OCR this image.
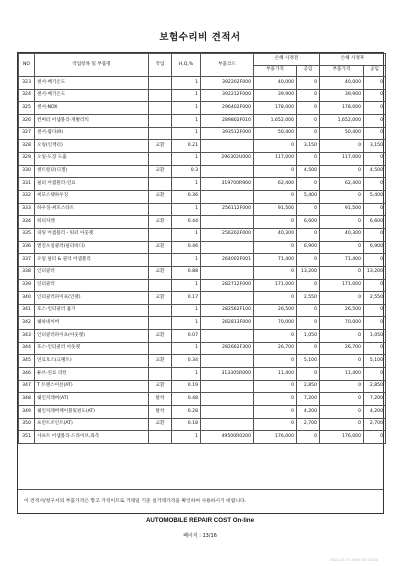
보험수리비 견적서
NO	작업항목 및 부품명	작업	H,Q,%	부품코드	손해 사정전		손해 사정후	
					부품가격	공임	부품가격	공임
323	센서-배기온도		1	392202F000	40,000	0	40,000	0
324	센서-배기온도		1	392212F000	39,900	0	39,900	0
325	센서-NOX		1	296402F000	178,000	0	178,000	0
326	컨버터 어셈블리-게발러틱		1	289802F010	1,652,000	0	1,652,000	0
327	센서-람다(R)		1	393512F000	50,400	0	50,400	0
328	오링(인젝터)	교환	0.21		0	3,150	0	3,150
329	오일-도장 도출		1	296302U000	117,000	0	117,000	0
330	센트럴터(디젤)	교환	0.3		0	4,500	0	4,500
331	필터 어셈블리-연료		1	319700R900	62,400	0	62,400	0
332	써모스탯하우징	교환	0.36		0	5,400	0	5,400
333	하우징-써모스타트		1	256112F000	91,500	0	91,500	0
334	워터자켓	교환	0.44		0	6,600	0	6,600
335	피팅 어셈블리 - 워터 아웃렛		1	256202F000	40,300	0	40,300	0
336	엔진오일쿨러(필터바디)	교환	0.46		0	6,900	0	6,900
337	오일 필터 & 쿨러 어셈블리		1	264002F001	71,400	0	71,400	0
338	인터쿨러	교환	0.88		0	13,200	0	13,200
339	인터쿨러		1	282712F000	171,000	0	171,000	0
340	인터쿨러파이프(인렛)	교환	0.17		0	2,550	0	2,550
341	호스-인터쿨러 흡기		1	282562F100	26,500	0	26,500	0
342	쉐하네이버		1	282813F000	70,000	0	70,000	0
343	인터쿨러파이프(아웃렛)	교환	0.07		0	1,050	0	1,050
344	호스-인터쿨러 아웃렛		1	282662F300	26,700	0	26,700	0
345	연료호스(크랭트)	교환	0.34		0	5,100	0	5,100
346	튜브-연료 리턴		1	313305R000	11,400	0	11,400	0
347	T 트랜스미션(AT)	교환	0.19		0	2,850	0	2,850
348	쉐인지레버(AT)	탈착	0.48		0	7,200	0	7,200
349	쉐인지레버케이블및핀도(AT)	탈착	0.28		0	4,200	0	4,200
350	프런트조인트(AT)	교환	0.18		0	2,700	0	2,700
351	샤프트 어셈블리-드라이브,좌측		1	49500R0200	176,000	0	176,000	0
이 견적서/청구서의 부품가격은 향고 가격이므로 거래일 기준 실거래가격을 확인하여 사용하시기 바랍니다.
AUTOMOBILE REPAIR COST On-line
페이지 : 13/16
2024-03-07 16:45:35 12260
